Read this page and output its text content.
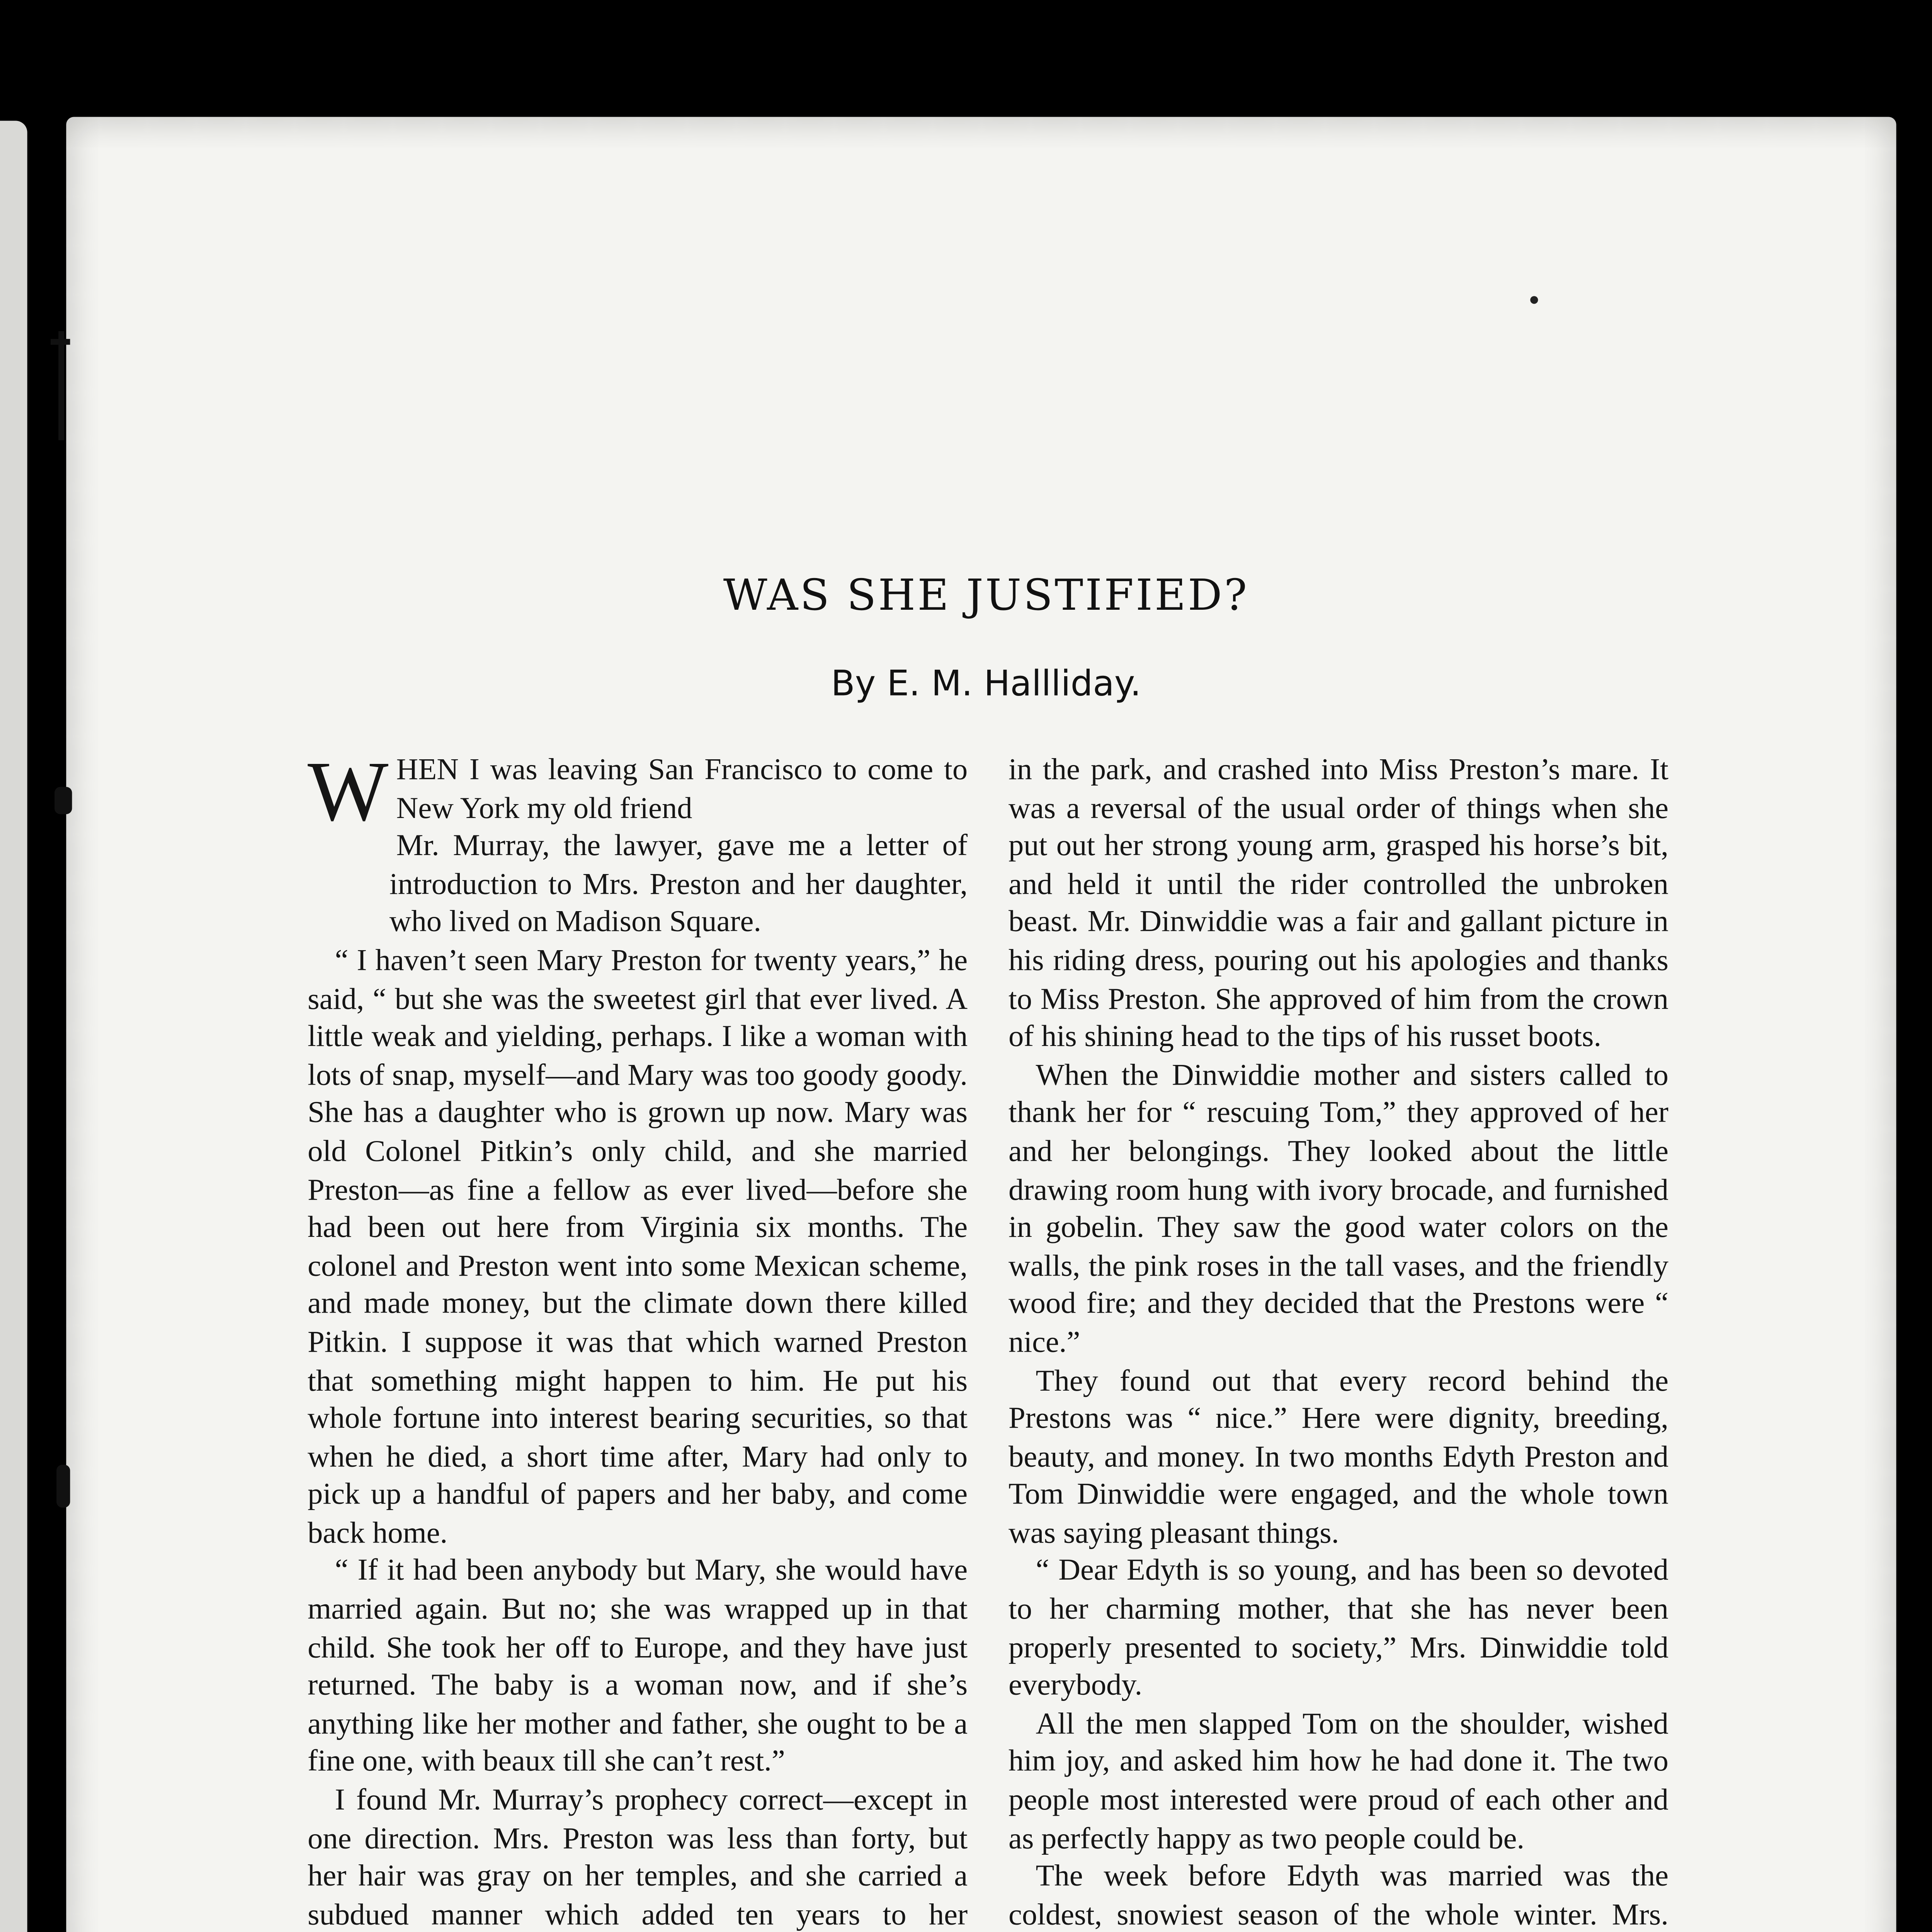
WAS SHE JUSTIFIED?
By E. M. Hallliday.

W HEN I was leaving San Francisco to come to New York my old friend
Mr. Murray, the lawyer, gave me a letter of introduction to Mrs. Preston and her daughter, who lived on Madison Square.

“ I haven’t seen Mary Preston for twenty years,” he said, “ but she was the sweetest girl that ever lived. A little weak and yielding, perhaps. I like a woman with lots of snap, myself—and Mary was too goody goody. She has a daughter who is grown up now. Mary was old Colonel Pitkin’s only child, and she married Preston—as fine a fellow as ever lived—before she had been out here from Virginia six months. The colonel and Preston went into some Mexican scheme, and made money, but the climate down there killed Pitkin. I suppose it was that which warned Preston that something might happen to him. He put his whole fortune into interest bearing securities, so that when he died, a short time after, Mary had only to pick up a handful of papers and her baby, and come back home.

“ If it had been anybody but Mary, she would have married again. But no; she was wrapped up in that child. She took her off to Europe, and they have just returned. The baby is a woman now, and if she’s anything like her mother and father, she ought to be a fine one, with beaux till she can’t rest.”

I found Mr. Murray’s prophecy correct—except in one direction. Mrs. Preston was less than forty, but her hair was gray on her temples, and she carried a subdued manner which added ten years to her

in the park, and crashed into Miss Preston’s mare. It was a reversal of the usual order of things when she put out her strong young arm, grasped his horse’s bit, and held it until the rider controlled the unbroken beast. Mr. Dinwiddie was a fair and gallant picture in his riding dress, pouring out his apologies and thanks to Miss Preston. She approved of him from the crown of his shining head to the tips of his russet boots.

When the Dinwiddie mother and sisters called to thank her for “ rescuing Tom,” they approved of her and her belongings. They looked about the little drawing room hung with ivory brocade, and furnished in gobelin. They saw the good water colors on the walls, the pink roses in the tall vases, and the friendly wood fire; and they decided that the Prestons were “ nice.”

They found out that every record behind the Prestons was “ nice.” Here were dignity, breeding, beauty, and money. In two months Edyth Preston and Tom Dinwiddie were engaged, and the whole town was saying pleasant things.

“ Dear Edyth is so young, and has been so devoted to her charming mother, that she has never been properly presented to society,” Mrs. Dinwiddie told everybody.

All the men slapped Tom on the shoulder, wished him joy, and asked him how he had done it. The two people most interested were proud of each other and as perfectly happy as two people could be.

The week before Edyth was married was the coldest, snowiest season of the whole winter. Mrs.
